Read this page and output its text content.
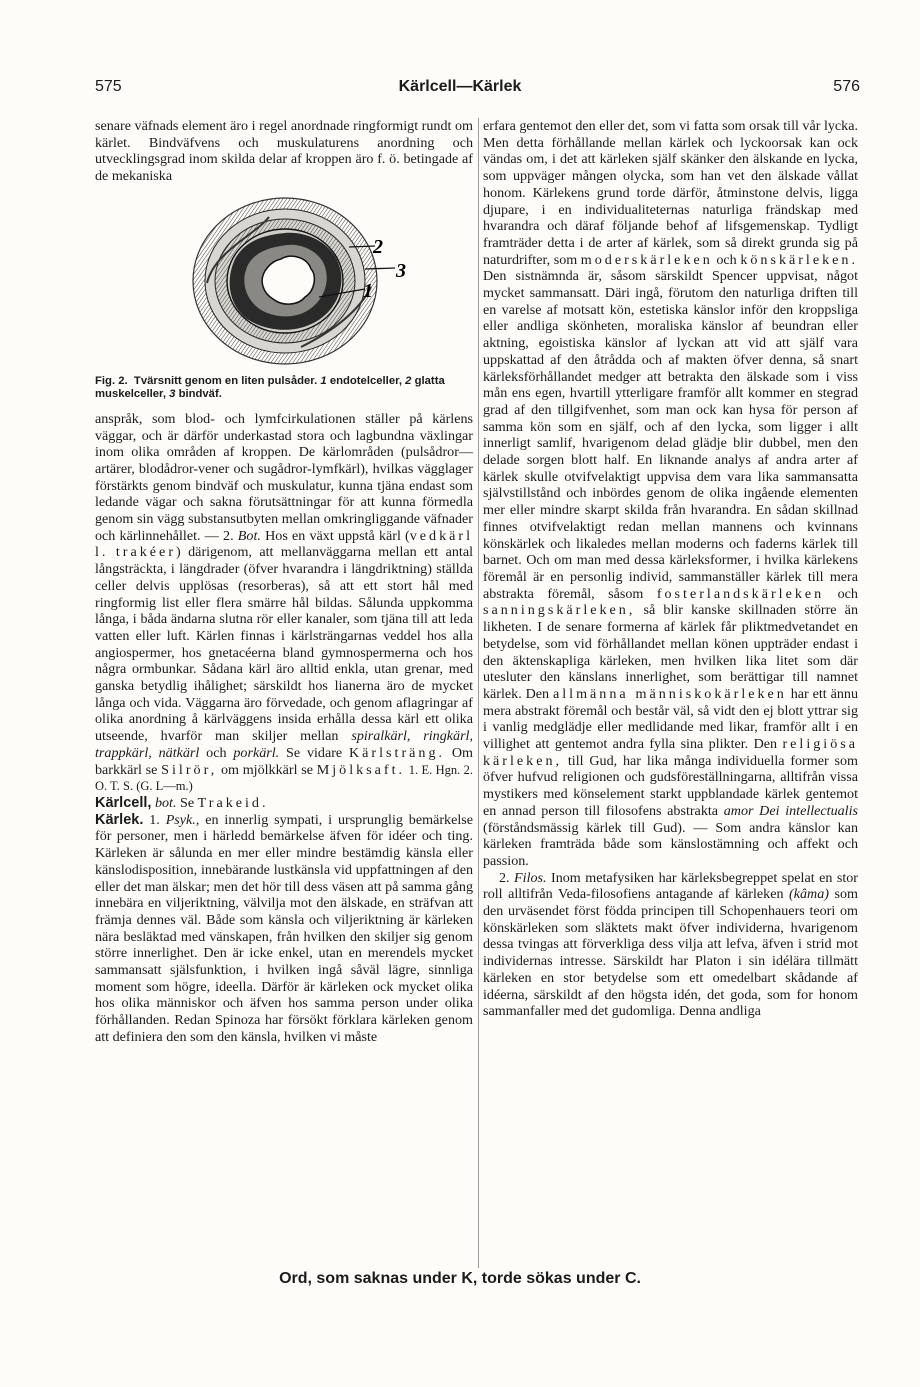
575	Kärlcell—Kärlek	576

senare väfnads element äro i regel anordnade ringformigt rundt om kärlet. Bindväfvens och muskulaturens anordning och utvecklingsgrad inom skilda delar af kroppen äro f. ö. betingade af de mekaniska

2
3
1

Fig. 2. Tvärsnitt genom en liten pulsåder. 1 endotelceller, 2 glatta muskelceller, 3 bindväf.

anspråk, som blod- och lymfcirkulationen ställer på kärlens väggar, och är därför underkastad stora och lagbundna växlingar inom olika områden af kroppen. De kärlområden (pulsådror—artärer, blodådror-vener och sugådror-lymfkärl), hvilkas vägglager förstärkts genom bindväf och muskulatur, kunna tjäna endast som ledande vägar och sakna förutsättningar för att kunna förmedla genom sin vägg substansutbyten mellan omkringliggande väfnader och kärlinnehållet. — 2. Bot. Hos en växt uppstå kärl (vedkärl l. trakéer) därigenom, att mellanväggarna mellan ett antal långsträckta, i längdrader (öfver hvarandra i längdriktning) ställda celler delvis upplösas (resorberas), så att ett stort hål med ringformig list eller flera smärre hål bildas. Sålunda uppkomma långa, i båda ändarna slutna rör eller kanaler, som tjäna till att leda vatten eller luft. Kärlen finnas i kärlsträngarnas veddel hos alla angiospermer, hos gnetacéerna bland gymnospermerna och hos några ormbunkar. Sådana kärl äro alltid enkla, utan grenar, med ganska betydlig ihålighet; särskildt hos lianerna äro de mycket långa och vida. Väggarna äro förvedade, och genom aflagringar af olika anordning å kärlväggens insida erhålla dessa kärl ett olika utseende, hvarför man skiljer mellan spiralkärl, ringkärl, trappkärl, nätkärl och porkärl. Se vidare Kärlsträng. Om barkkärl se Silrör, om mjölkkärl se Mjölksaft. 1. E. Hgn. 2. O. T. S. (G. L—m.)

Kärlcell, bot. Se Trakeid.

Kärlek. 1. Psyk., en innerlig sympati, i ursprunglig bemärkelse för personer, men i härledd bemärkelse äfven för idéer och ting. Kärleken är sålunda en mer eller mindre bestämdig känsla eller känslodisposition, innebärande lustkänsla vid uppfattningen af den eller det man älskar; men det hör till dess väsen att på samma gång innebära en viljeriktning, välvilja mot den älskade, en sträfvan att främja dennes väl. Både som känsla och viljeriktning är kärleken nära besläktad med vänskapen, från hvilken den skiljer sig genom större innerlighet. Den är icke enkel, utan en merendels mycket sammansatt själsfunktion, i hvilken ingå såväl lägre, sinnliga moment som högre, ideella. Därför är kärleken ock mycket olika hos olika människor och äfven hos samma person under olika förhållanden. Redan Spinoza har försökt förklara kärleken genom att definiera den som den känsla, hvilken vi måste

erfara gentemot den eller det, som vi fatta som orsak till vår lycka. Men detta förhållande mellan kärlek och lyckoorsak kan ock vändas om, i det att kärleken själf skänker den älskande en lycka, som uppväger mången olycka, som han vet den älskade vållat honom. Kärlekens grund torde därför, åtminstone delvis, ligga djupare, i en individualiteternas naturliga frändskap med hvarandra och däraf följande behof af lifsgemenskap. Tydligt framträder detta i de arter af kärlek, som så direkt grunda sig på naturdrifter, som moderskärleken och könskärleken. Den sistnämnda är, såsom särskildt Spencer uppvisat, något mycket sammansatt. Däri ingå, förutom den naturliga driften till en varelse af motsatt kön, estetiska känslor inför den kroppsliga eller andliga skönheten, moraliska känslor af beundran eller aktning, egoistiska känslor af lyckan att vid att själf vara uppskattad af den åtrådda och af makten öfver denna, så snart kärleksförhållandet medger att betrakta den älskade som i viss mån ens egen, hvartill ytterligare framför allt kommer en stegrad grad af den tillgifvenhet, som man ock kan hysa för person af samma kön som en själf, och af den lycka, som ligger i allt innerligt samlif, hvarigenom delad glädje blir dubbel, men den delade sorgen blott half. En liknande analys af andra arter af kärlek skulle otvifvelaktigt uppvisa dem vara lika sammansatta självstillstånd och inbördes genom de olika ingående elementen mer eller mindre skarpt skilda från hvarandra. En sådan skillnad finnes otvifvelaktigt redan mellan mannens och kvinnans könskärlek och likaledes mellan moderns och faderns kärlek till barnet. Och om man med dessa kärleksformer, i hvilka kärlekens föremål är en personlig individ, sammanställer kärlek till mera abstrakta föremål, såsom fosterlandskärleken och sanningskärleken, så blir kanske skillnaden större än likheten. I de senare formerna af kärlek får pliktmedvetandet en betydelse, som vid förhållandet mellan könen uppträder endast i den äktenskapliga kärleken, men hvilken lika litet som där utesluter den känslans innerlighet, som berättigar till namnet kärlek. Den allmänna människokärleken har ett ännu mera abstrakt föremål och består väl, så vidt den ej blott yttrar sig i vanlig medglädje eller medlidande med likar, framför allt i en villighet att gentemot andra fylla sina plikter. Den religiösa kärleken, till Gud, har lika många individuella former som öfver hufvud religionen och gudsföreställningarna, alltifrån vissa mystikers med könselement starkt uppblandade kärlek gentemot en annad person till filosofens abstrakta amor Dei intellectualis (förståndsmässig kärlek till Gud). — Som andra känslor kan kärleken framträda både som känslostämning och affekt och passion.

2. Filos. Inom metafysiken har kärleksbegreppet spelat en stor roll alltifrån Veda-filosofiens antagande af kärleken (kâma) som den urväsendet först födda principen till Schopenhauers teori om könskärleken som släktets makt öfver individerna, hvarigenom dessa tvingas att förverkliga dess vilja att lefva, äfven i strid mot individernas intresse. Särskildt har Platon i sin idélära tillmätt kärleken en stor betydelse som ett omedelbart skådande af idéerna, särskildt af den högsta idén, det goda, som for honom sammanfaller med det gudomliga. Denna andliga

Ord, som saknas under K, torde sökas under C.
